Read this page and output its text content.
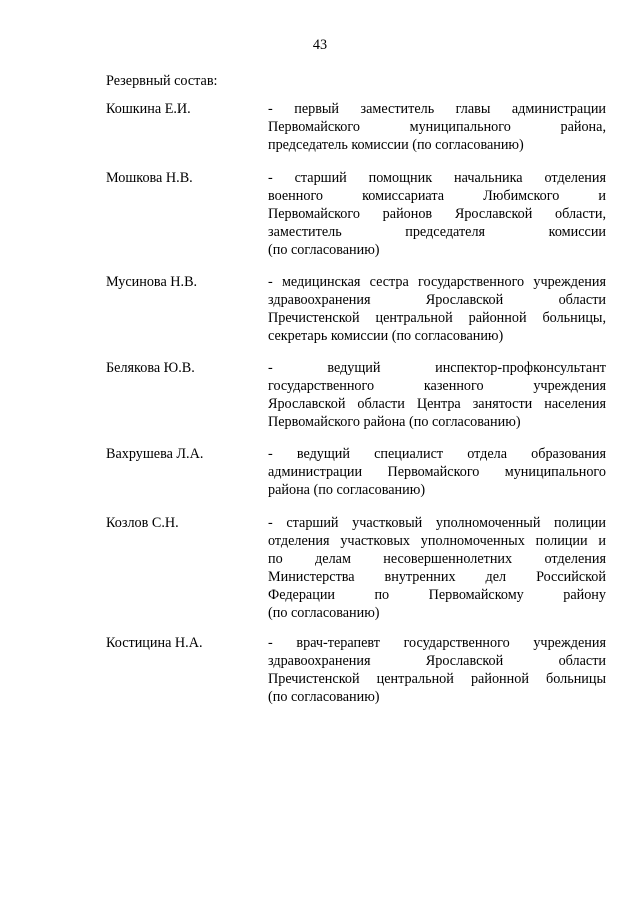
43
Резервный состав:
Кошкина Е.И.	- первый заместитель главы администрации
Первомайского муниципального района,
председатель комиссии (по согласованию)
Мошкова Н.В.	- старший помощник начальника отделения
военного комиссариата Любимского и
Первомайского районов Ярославской области,
заместитель председателя комиссии
(по согласованию)
Мусинова Н.В.	- медицинская сестра государственного учреждения
здравоохранения Ярославской области
Пречистенской центральной районной больницы,
секретарь комиссии (по согласованию)
Белякова Ю.В.	- ведущий инспектор-профконсультант
государственного казенного учреждения
Ярославской области Центра занятости населения
Первомайского района (по согласованию)
Вахрушева Л.А.	- ведущий специалист отдела образования
администрации Первомайского муниципального
района (по согласованию)
Козлов С.Н.	- старший участковый уполномоченный полиции
отделения участковых уполномоченных полиции и
по делам несовершеннолетних отделения
Министерства внутренних дел Российской
Федерации по Первомайскому району
(по согласованию)
Костицина Н.А.	- врач-терапевт государственного учреждения
здравоохранения Ярославской области
Пречистенской центральной районной больницы
(по согласованию)
